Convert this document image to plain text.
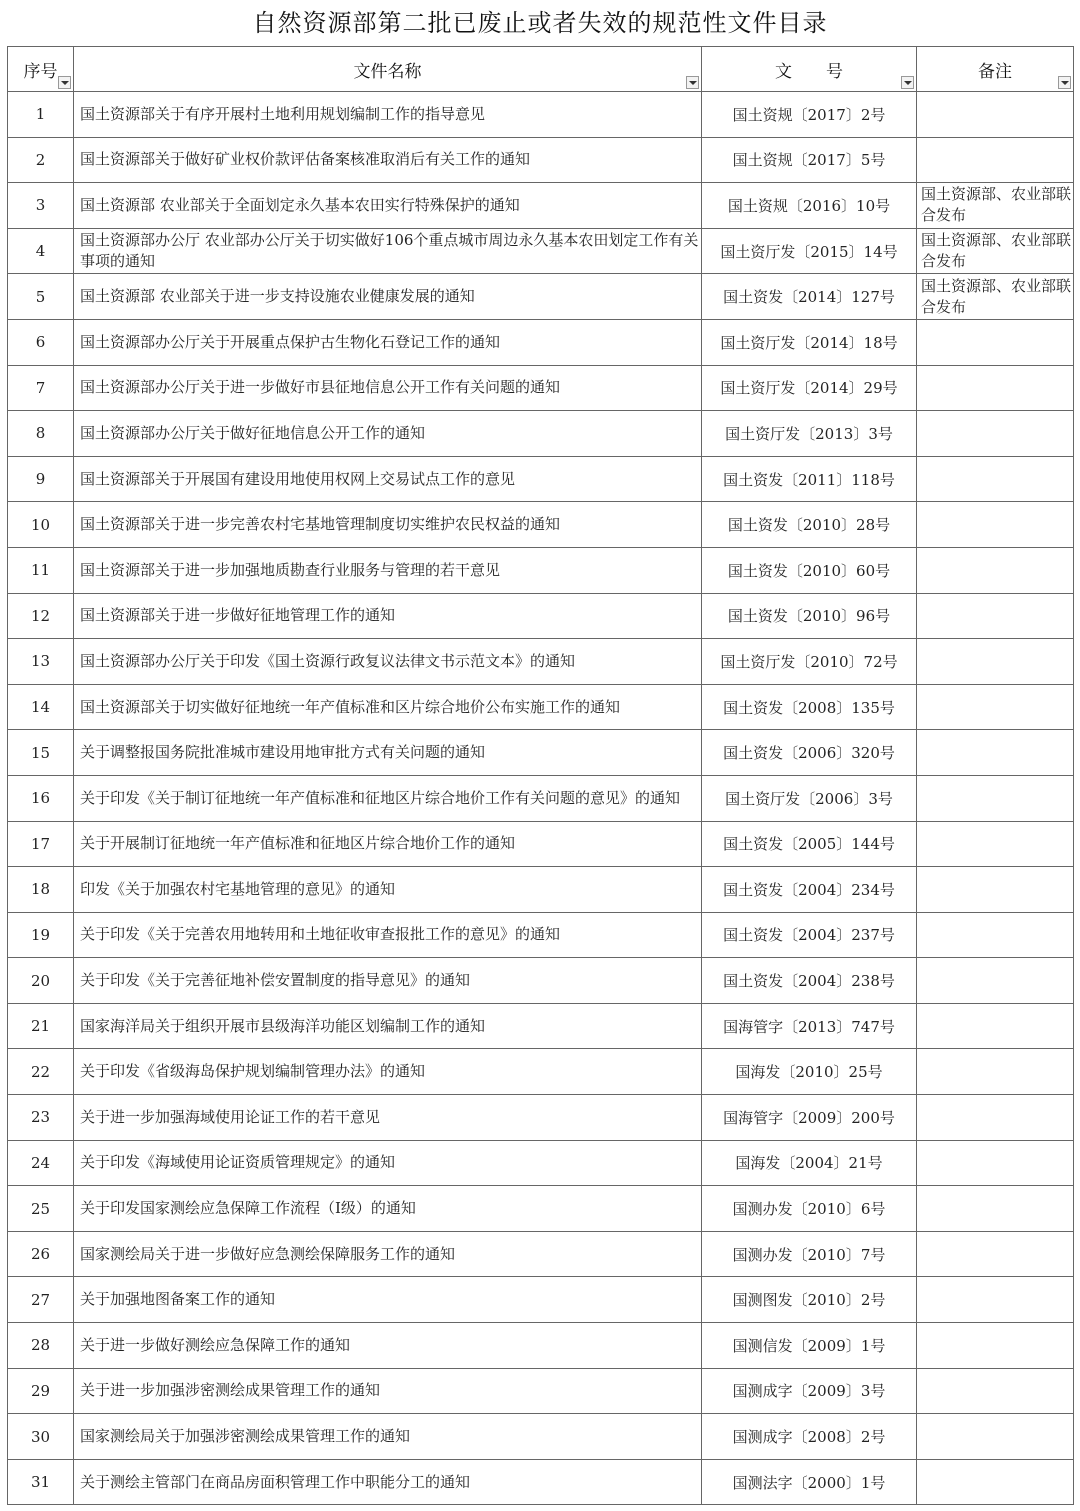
自然资源部第二批已废止或者失效的规范性文件目录
序号	文件名称	文　　号	备注

1	国土资源部关于有序开展村土地利用规划编制工作的指导意见	国土资规〔2017〕2号	
2	国土资源部关于做好矿业权价款评估备案核准取消后有关工作的通知	国土资规〔2017〕5号	
3	国土资源部 农业部关于全面划定永久基本农田实行特殊保护的通知	国土资规〔2016〕10号	国土资源部、农业部联合发布
4	国土资源部办公厅 农业部办公厅关于切实做好106个重点城市周边永久基本农田划定工作有关事项的通知	国土资厅发〔2015〕14号	国土资源部、农业部联合发布
5	国土资源部 农业部关于进一步支持设施农业健康发展的通知	国土资发〔2014〕127号	国土资源部、农业部联合发布
6	国土资源部办公厅关于开展重点保护古生物化石登记工作的通知	国土资厅发〔2014〕18号	
7	国土资源部办公厅关于进一步做好市县征地信息公开工作有关问题的通知	国土资厅发〔2014〕29号	
8	国土资源部办公厅关于做好征地信息公开工作的通知	国土资厅发〔2013〕3号	
9	国土资源部关于开展国有建设用地使用权网上交易试点工作的意见	国土资发〔2011〕118号	
10	国土资源部关于进一步完善农村宅基地管理制度切实维护农民权益的通知	国土资发〔2010〕28号	
11	国土资源部关于进一步加强地质勘查行业服务与管理的若干意见	国土资发〔2010〕60号	
12	国土资源部关于进一步做好征地管理工作的通知	国土资发〔2010〕96号	
13	国土资源部办公厅关于印发《国土资源行政复议法律文书示范文本》的通知	国土资厅发〔2010〕72号	
14	国土资源部关于切实做好征地统一年产值标准和区片综合地价公布实施工作的通知	国土资发〔2008〕135号	
15	关于调整报国务院批准城市建设用地审批方式有关问题的通知	国土资发〔2006〕320号	
16	关于印发《关于制订征地统一年产值标准和征地区片综合地价工作有关问题的意见》的通知	国土资厅发〔2006〕3号	
17	关于开展制订征地统一年产值标准和征地区片综合地价工作的通知	国土资发〔2005〕144号	
18	印发《关于加强农村宅基地管理的意见》的通知	国土资发〔2004〕234号	
19	关于印发《关于完善农用地转用和土地征收审查报批工作的意见》的通知	国土资发〔2004〕237号	
20	关于印发《关于完善征地补偿安置制度的指导意见》的通知	国土资发〔2004〕238号	
21	国家海洋局关于组织开展市县级海洋功能区划编制工作的通知	国海管字〔2013〕747号	
22	关于印发《省级海岛保护规划编制管理办法》的通知	国海发〔2010〕25号	
23	关于进一步加强海域使用论证工作的若干意见	国海管字〔2009〕200号	
24	关于印发《海域使用论证资质管理规定》的通知	国海发〔2004〕21号	
25	关于印发国家测绘应急保障工作流程（Ⅰ级）的通知	国测办发〔2010〕6号	
26	国家测绘局关于进一步做好应急测绘保障服务工作的通知	国测办发〔2010〕7号	
27	关于加强地图备案工作的通知	国测图发〔2010〕2号	
28	关于进一步做好测绘应急保障工作的通知	国测信发〔2009〕1号	
29	关于进一步加强涉密测绘成果管理工作的通知	国测成字〔2009〕3号	
30	国家测绘局关于加强涉密测绘成果管理工作的通知	国测成字〔2008〕2号	
31	关于测绘主管部门在商品房面积管理工作中职能分工的通知	国测法字〔2000〕1号	
